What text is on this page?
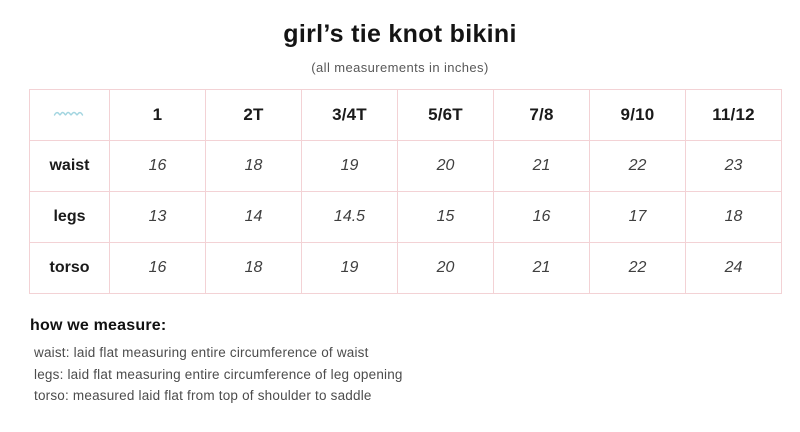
girl’s tie knot bikini

(all measurements in inches)

	1	2T	3/4T	5/6T	7/8	9/10	11/12
waist	16	18	19	20	21	22	23
legs	13	14	14.5	15	16	17	18
torso	16	18	19	20	21	22	24
how we measure:

waist: laid flat measuring entire circumference of waist

legs: laid flat measuring entire circumference of leg opening

torso: measured laid flat from top of shoulder to saddle
